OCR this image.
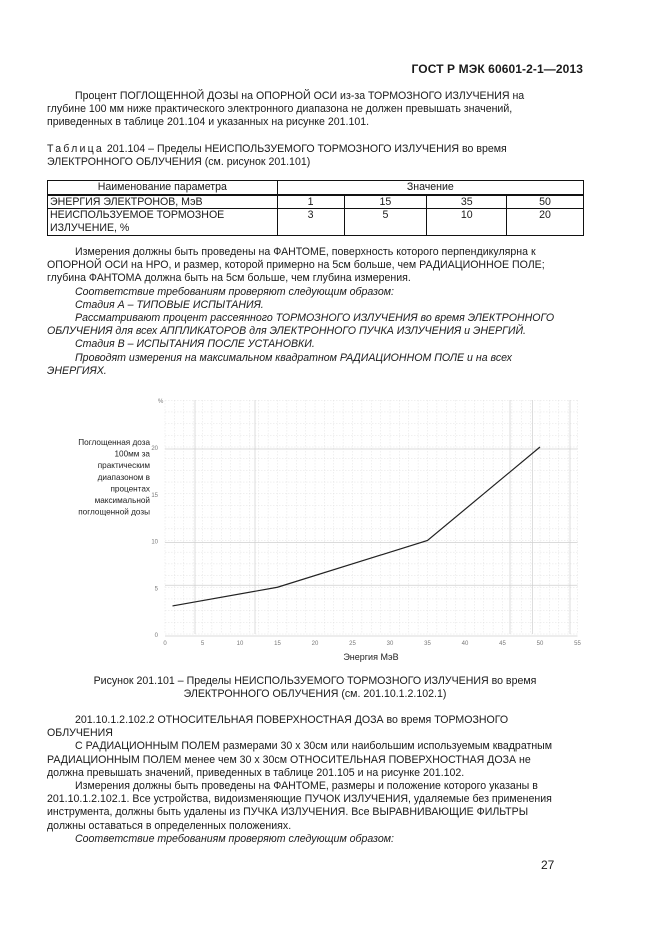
ГОСТ Р МЭК 60601-2-1—2013

Процент ПОГЛОЩЕННОЙ ДОЗЫ на ОПОРНОЙ ОСИ из-за ТОРМОЗНОГО ИЗЛУЧЕНИЯ на

глубине 100 мм ниже практического электронного диапазона не должен превышать значений,

приведенных в таблице 201.104 и указанных на рисунке 201.101.

Таблица 201.104 – Пределы НЕИСПОЛЬЗУЕМОГО ТОРМОЗНОГО ИЗЛУЧЕНИЯ во время

ЭЛЕКТРОННОГО ОБЛУЧЕНИЯ (см. рисунок 201.101)

Наименование параметра	Значение			
ЭНЕРГИЯ ЭЛЕКТРОНОВ, МэВ	1	15	35	50
НЕИСПОЛЬЗУЕМОЕ ТОРМОЗНОЕ ИЗЛУЧЕНИЕ, %	3	5	10	20

Измерения должны быть проведены на ФАНТОМЕ, поверхность которого перпендикулярна к

ОПОРНОЙ ОСИ на НРО, и размер, которой примерно на 5см больше, чем РАДИАЦИОННОЕ ПОЛЕ;

глубина ФАНТОМА должна быть на 5см больше, чем глубина измерения.

Соответствие требованиям проверяют следующим образом:

Стадия А – ТИПОВЫЕ ИСПЫТАНИЯ.

Рассматривают процент рассеянного ТОРМОЗНОГО ИЗЛУЧЕНИЯ во время ЭЛЕКТРОННОГО

ОБЛУЧЕНИЯ для всех АППЛИКАТОРОВ для ЭЛЕКТРОННОГО ПУЧКА ИЗЛУЧЕНИЯ и ЭНЕРГИЙ.

Стадия В – ИСПЫТАНИЯ ПОСЛЕ УСТАНОВКИ.

Проводят измерения на максимальном квадратном РАДИАЦИОННОМ ПОЛЕ и на всех

ЭНЕРГИЯХ.

0
5
10
15
20
0	5	10	15	20	25	30	35	40	45	50	55
%
Поглощенная доза
100мм за
практическим
диапазоном в
процентах
максимальной
поглощенной дозы
Энергия МэВ
Рисунок 201.101 – Пределы НЕИСПОЛЬЗУЕМОГО ТОРМОЗНОГО ИЗЛУЧЕНИЯ во время
ЭЛЕКТРОННОГО ОБЛУЧЕНИЯ (см. 201.10.1.2.102.1)

201.10.1.2.102.2 ОТНОСИТЕЛЬНАЯ ПОВЕРХНОСТНАЯ ДОЗА во время ТОРМОЗНОГО

ОБЛУЧЕНИЯ

С РАДИАЦИОННЫМ ПОЛЕМ размерами 30 х 30см или наибольшим используемым квадратным

РАДИАЦИОННЫМ ПОЛЕМ менее чем 30 х 30см ОТНОСИТЕЛЬНАЯ ПОВЕРХНОСТНАЯ ДОЗА не

должна превышать значений, приведенных в таблице 201.105 и на рисунке 201.102.

Измерения должны быть проведены на ФАНТОМЕ, размеры и положение которого указаны в

201.10.1.2.102.1. Все устройства, видоизменяющие ПУЧОК ИЗЛУЧЕНИЯ, удаляемые без применения

инструмента, должны быть удалены из ПУЧКА ИЗЛУЧЕНИЯ. Все ВЫРАВНИВАЮЩИЕ ФИЛЬТРЫ

должны оставаться в определенных положениях.

Соответствие требованиям проверяют следующим образом:

27
